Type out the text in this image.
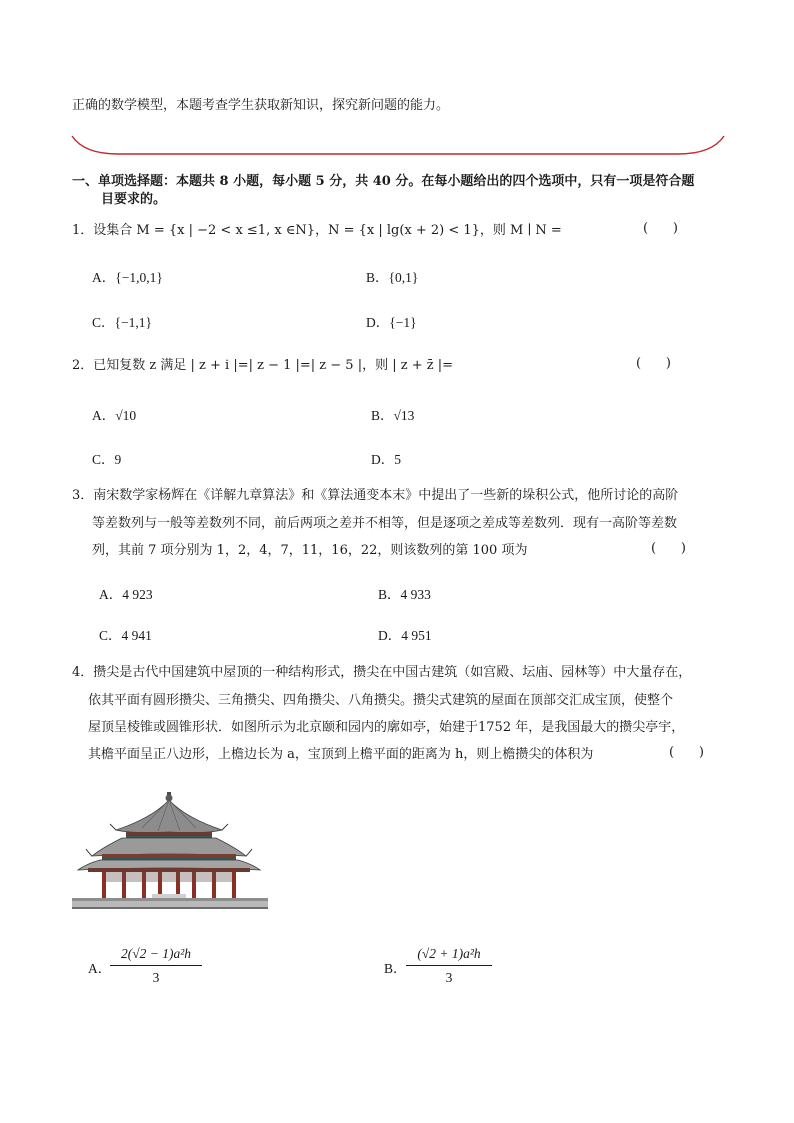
正确的数学模型，本题考查学生获取新知识，探究新问题的能力。
一、单项选择题：本题共 8 小题，每小题 5 分，共 40 分。在每小题给出的四个选项中，只有一项是符合题
目要求的。
1．设集合 M = {x | −2 < x ≤1, x ∈N}，N = {x | lg(x + 2) < 1}，则 M ∣ N =	(      )
A．{−1,0,1}	B．{0,1}
C．{−1,1}	D．{−1}
2．已知复数 z 满足 | z + i |=| z − 1 |=| z − 5 |，则 | z + z̄ |=	(      )
A．√10	B．√13
C．9	D．5
3．南宋数学家杨辉在《详解九章算法》和《算法通变本末》中提出了一些新的垛积公式，他所讨论的高阶
等差数列与一般等差数列不同，前后两项之差并不相等，但是逐项之差成等差数列．现有一高阶等差数
列，其前 7 项分别为 1，2，4，7，11，16，22，则该数列的第 100 项为	(      )
A．4 923	B．4 933
C．4 941	D．4 951
4．攒尖是古代中国建筑中屋顶的一种结构形式，攒尖在中国古建筑（如宫殿、坛庙、园林等）中大量存在，
依其平面有圆形攒尖、三角攒尖、四角攒尖、八角攒尖。攒尖式建筑的屋面在顶部交汇成宝顶，使整个
屋顶呈棱锥或圆锥形状．如图所示为北京颐和园内的廓如亭，始建于1752 年，是我国最大的攒尖亭宇，
其檐平面呈正八边形，上檐边长为 a，宝顶到上檐平面的距离为 h，则上檐攒尖的体积为	(      )
A．
$\frac{\text{2(√2 − 1)a²h}}{3}$	B． $\frac{\text{(√2 + 1)a²h}}{3}$
